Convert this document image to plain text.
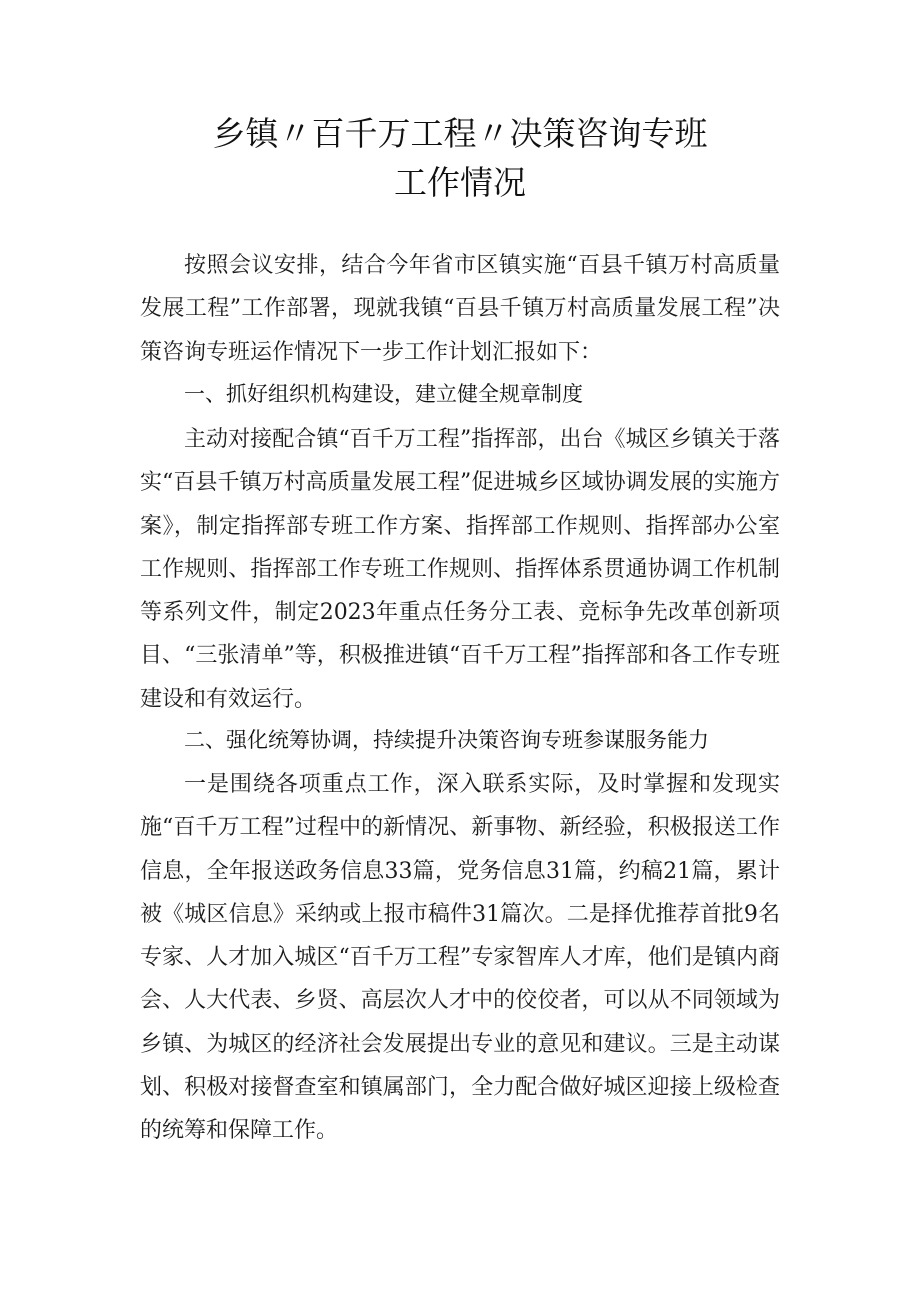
乡镇〃百千万工程〃决策咨询专班
工作情况

按照会议安排，结合今年省市区镇实施“百县千镇万村高质量发展工程”工作部署，现就我镇“百县千镇万村高质量发展工程”决策咨询专班运作情况下一步工作计划汇报如下：

一、抓好组织机构建设，建立健全规章制度

主动对接配合镇“百千万工程”指挥部，出台《城区乡镇关于落实“百县千镇万村高质量发展工程”促进城乡区域协调发展的实施方案》，制定指挥部专班工作方案、指挥部工作规则、指挥部办公室工作规则、指挥部工作专班工作规则、指挥体系贯通协调工作机制等系列文件，制定2023年重点任务分工表、竞标争先改革创新项目、“三张清单”等，积极推进镇“百千万工程”指挥部和各工作专班建设和有效运行。

二、强化统筹协调，持续提升决策咨询专班参谋服务能力

一是围绕各项重点工作，深入联系实际，及时掌握和发现实施“百千万工程”过程中的新情况、新事物、新经验，积极报送工作信息，全年报送政务信息33篇，党务信息31篇，约稿21篇，累计被《城区信息》采纳或上报市稿件31篇次。二是择优推荐首批9名专家、人才加入城区“百千万工程”专家智库人才库，他们是镇内商会、人大代表、乡贤、高层次人才中的佼佼者，可以从不同领域为乡镇、为城区的经济社会发展提出专业的意见和建议。三是主动谋划、积极对接督查室和镇属部门，全力配合做好城区迎接上级检查的统筹和保障工作。
